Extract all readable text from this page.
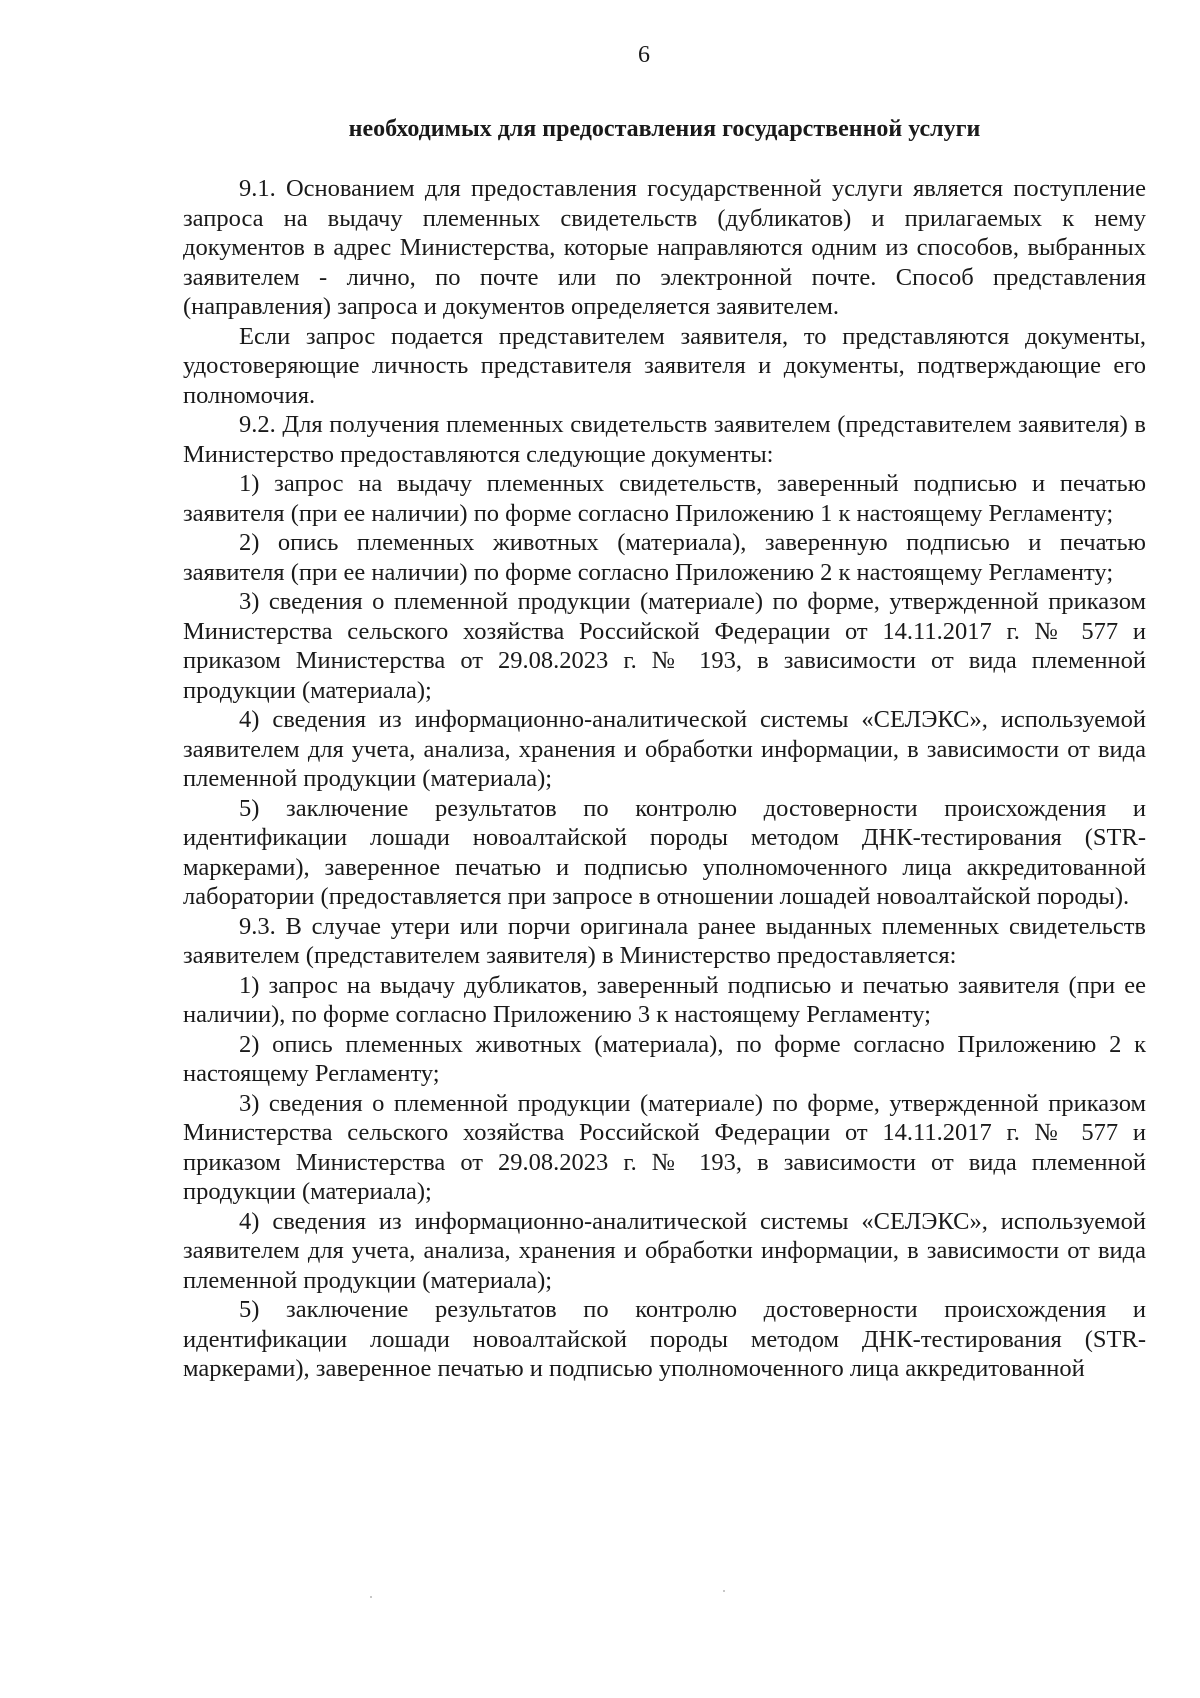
6
необходимых для предоставления государственной услуги

9.1. Основанием для предоставления государственной услуги является поступление запроса на выдачу племенных свидетельств (дубликатов) и прилагаемых к нему документов в адрес Министерства, которые направляются одним из способов, выбранных заявителем - лично, по почте или по электронной почте. Способ представления (направления) запроса и документов определяется заявителем.

Если запрос подается представителем заявителя, то представляются документы, удостоверяющие личность представителя заявителя и документы, подтверждающие его полномочия.

9.2. Для получения племенных свидетельств заявителем (представителем заявителя) в Министерство предоставляются следующие документы:

1) запрос на выдачу племенных свидетельств, заверенный подписью и печатью заявителя (при ее наличии) по форме согласно Приложению 1 к настоящему Регламенту;

2) опись племенных животных (материала), заверенную подписью и печатью заявителя (при ее наличии) по форме согласно Приложению 2 к настоящему Регламенту;

3) сведения о племенной продукции (материале) по форме, утвержденной приказом Министерства сельского хозяйства Российской Федерации от 14.11.2017 г. № 577 и приказом Министерства от 29.08.2023 г. № 193, в зависимости от вида племенной продукции (материала);

4) сведения из информационно-аналитической системы «СЕЛЭКС», используемой заявителем для учета, анализа, хранения и обработки информации, в зависимости от вида племенной продукции (материала);

5) заключение результатов по контролю достоверности происхождения и идентификации лошади новоалтайской породы методом ДНК-тестирования (STR-маркерами), заверенное печатью и подписью уполномоченного лица аккредитованной лаборатории (предоставляется при запросе в отношении лошадей новоалтайской породы).

9.3. В случае утери или порчи оригинала ранее выданных племенных свидетельств заявителем (представителем заявителя) в Министерство предоставляется:

1) запрос на выдачу дубликатов, заверенный подписью и печатью заявителя (при ее наличии), по форме согласно Приложению 3 к настоящему Регламенту;

2) опись племенных животных (материала), по форме согласно Приложению 2 к настоящему Регламенту;

3) сведения о племенной продукции (материале) по форме, утвержденной приказом Министерства сельского хозяйства Российской Федерации от 14.11.2017 г. № 577 и приказом Министерства от 29.08.2023 г. № 193, в зависимости от вида племенной продукции (материала);

4) сведения из информационно-аналитической системы «СЕЛЭКС», используемой заявителем для учета, анализа, хранения и обработки информации, в зависимости от вида племенной продукции (материала);

5) заключение результатов по контролю достоверности происхождения и идентификации лошади новоалтайской породы методом ДНК-тестирования (STR-маркерами), заверенное печатью и подписью уполномоченного лица аккредитованной
